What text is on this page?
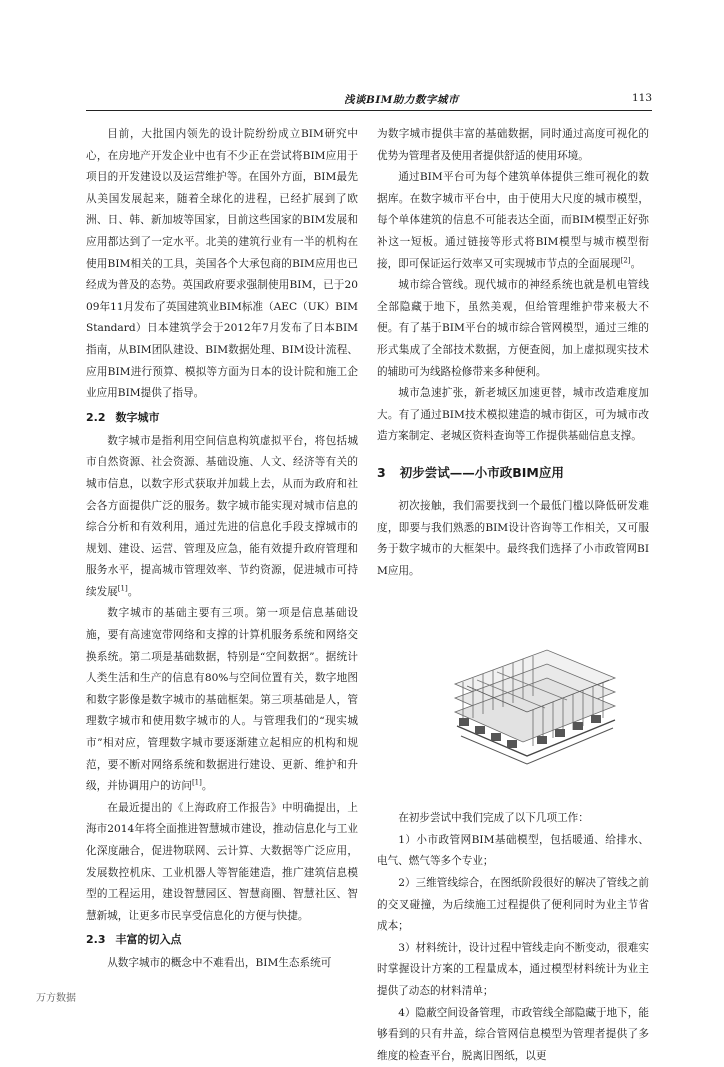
浅谈BIM助力数字城市	113

目前，大批国内领先的设计院纷纷成立BIM研究中心，在房地产开发企业中也有不少正在尝试将BIM应用于项目的开发建设以及运营维护等。在国外方面，BIM最先从美国发展起来，随着全球化的进程，已经扩展到了欧洲、日、韩、新加坡等国家，目前这些国家的BIM发展和应用都达到了一定水平。北美的建筑行业有一半的机构在使用BIM相关的工具，美国各个大承包商的BIM应用也已经成为普及的态势。英国政府要求强制使用BIM，已于2009年11月发布了英国建筑业BIM标准（AEC（UK）BIM Standard）日本建筑学会于2012年7月发布了日本BIM指南，从BIM团队建设、BIM数据处理、BIM设计流程、应用BIM进行预算、模拟等方面为日本的设计院和施工企业应用BIM提供了指导。

2.2 数字城市

数字城市是指利用空间信息构筑虚拟平台，将包括城市自然资源、社会资源、基础设施、人文、经济等有关的城市信息，以数字形式获取并加载上去，从而为政府和社会各方面提供广泛的服务。数字城市能实现对城市信息的综合分析和有效利用，通过先进的信息化手段支撑城市的规划、建设、运营、管理及应急，能有效提升政府管理和服务水平，提高城市管理效率、节约资源，促进城市可持续发展[1]。

数字城市的基础主要有三项。第一项是信息基础设施，要有高速宽带网络和支撑的计算机服务系统和网络交换系统。第二项是基础数据，特别是“空间数据”。据统计人类生活和生产的信息有80%与空间位置有关，数字地图和数字影像是数字城市的基础框架。第三项基础是人，管理数字城市和使用数字城市的人。与管理我们的“现实城市”相对应，管理数字城市要逐渐建立起相应的机构和规范，要不断对网络系统和数据进行建设、更新、维护和升级，并协调用户的访问[1]。

在最近提出的《上海政府工作报告》中明确提出，上海市2014年将全面推进智慧城市建设，推动信息化与工业化深度融合，促进物联网、云计算、大数据等广泛应用，发展数控机床、工业机器人等智能建造，推广建筑信息模型的工程运用，建设智慧园区、智慧商圈、智慧社区、智慧新城，让更多市民享受信息化的方便与快捷。

2.3 丰富的切入点

从数字城市的概念中不难看出，BIM生态系统可

为数字城市提供丰富的基础数据，同时通过高度可视化的优势为管理者及使用者提供舒适的使用环境。

通过BIM平台可为每个建筑单体提供三维可视化的数据库。在数字城市平台中，由于使用大尺度的城市模型，每个单体建筑的信息不可能表达全面，而BIM模型正好弥补这一短板。通过链接等形式将BIM模型与城市模型衔接，即可保证运行效率又可实现城市节点的全面展现[2]。

城市综合管线。现代城市的神经系统也就是机电管线全部隐藏于地下，虽然美观，但给管理维护带来极大不便。有了基于BIM平台的城市综合管网模型，通过三维的形式集成了全部技术数据，方便查阅，加上虚拟现实技术的辅助可为线路检修带来多种便利。

城市急速扩张，新老城区加速更替，城市改造难度加大。有了通过BIM技术模拟建造的城市街区，可为城市改造方案制定、老城区资料查询等工作提供基础信息支撑。

3 初步尝试——小市政BIM应用

初次接触，我们需要找到一个最低门槛以降低研发难度，即要与我们熟悉的BIM设计咨询等工作相关，又可服务于数字城市的大框架中。最终我们选择了小市政管网BIM应用。

在初步尝试中我们完成了以下几项工作：

1）小市政管网BIM基础模型，包括暖通、给排水、电气、燃气等多个专业；

2）三维管线综合，在图纸阶段很好的解决了管线之前的交叉碰撞，为后续施工过程提供了便利同时为业主节省成本；

3）材料统计，设计过程中管线走向不断变动，很难实时掌握设计方案的工程量成本，通过模型材料统计为业主提供了动态的材料清单；

4）隐蔽空间设备管理，市政管线全部隐藏于地下，能够看到的只有井盖，综合管网信息模型为管理者提供了多维度的检查平台，脱离旧图纸，以更

万方数据
